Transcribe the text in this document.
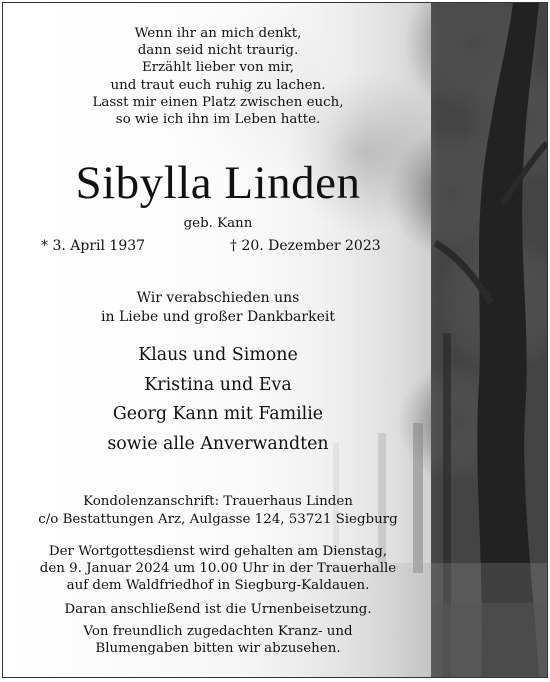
Wenn ihr an mich denkt,
dann seid nicht traurig.
Erzählt lieber von mir,
und traut euch ruhig zu lachen.
Lasst mir einen Platz zwischen euch,
so wie ich ihn im Leben hatte.
Sibylla Linden
geb. Kann
* 3. April 1937	† 20. Dezember 2023
Wir verabschieden uns
in Liebe und großer Dankbarkeit
Klaus und Simone
Kristina und Eva
Georg Kann mit Familie
sowie alle Anverwandten
Kondolenzanschrift: Trauerhaus Linden
c/o Bestattungen Arz, Aulgasse 124, 53721 Siegburg
Der Wortgottesdienst wird gehalten am Dienstag,
den 9. Januar 2024 um 10.00 Uhr in der Trauerhalle
auf dem Waldfriedhof in Siegburg-Kaldauen.
Daran anschließend ist die Urnenbeisetzung.
Von freundlich zugedachten Kranz- und
Blumengaben bitten wir abzusehen.
